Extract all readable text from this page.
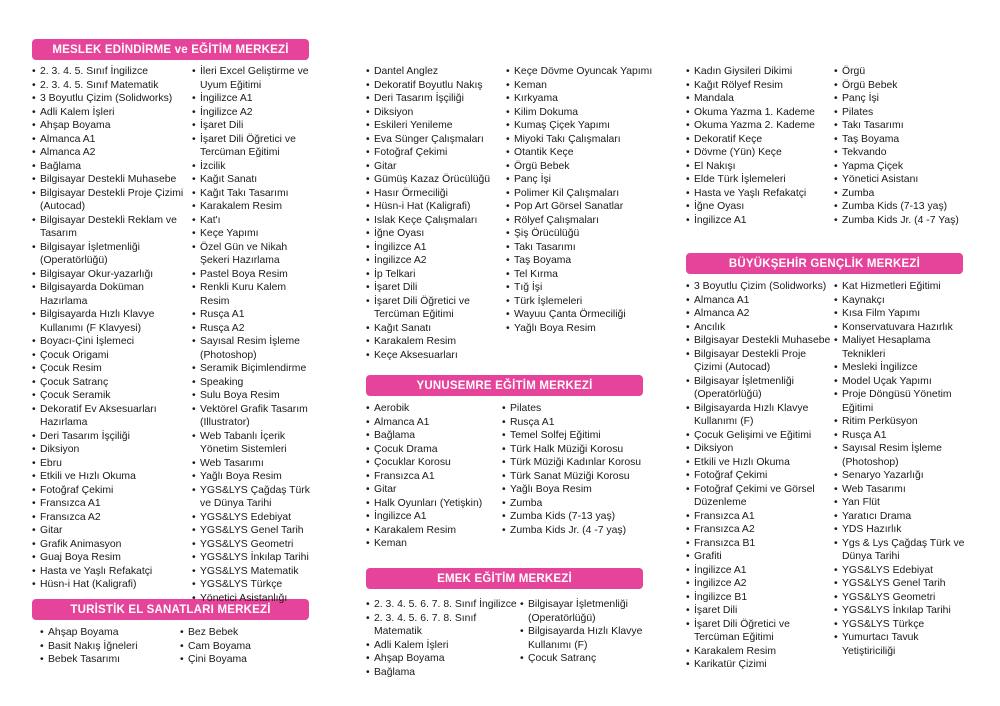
MESLEK EDİNDİRME ve EĞİTİM MERKEZİ
TURİSTİK EL SANATLARI MERKEZİ
YUNUSEMRE EĞİTİM MERKEZİ
EMEK EĞİTİM MERKEZİ
BÜYÜKŞEHİR GENÇLİK MERKEZİ
• 2. 3. 4. 5. Sınıf İngilizce
• 2. 3. 4. 5. Sınıf Matematik
• 3 Boyutlu Çizim (Solidworks)
• Adli Kalem İşleri
• Ahşap Boyama
• Almanca A1
• Almanca A2
• Bağlama
• Bilgisayar Destekli Muhasebe
• Bilgisayar Destekli Proje Çizimi (Autocad)
• Bilgisayar Destekli Reklam ve Tasarım
• Bilgisayar İşletmenliği (Operatörlüğü)
• Bilgisayar Okur-yazarlığı
• Bilgisayarda Doküman Hazırlama
• Bilgisayarda Hızlı Klavye Kullanımı (F Klavyesi)
• Boyacı-Çini İşlemeci
• Çocuk Origami
• Çocuk Resim
• Çocuk Satranç
• Çocuk Seramik
• Dekoratif Ev Aksesuarları Hazırlama
• Deri Tasarım İşçiliği
• Diksiyon
• Ebru
• Etkili ve Hızlı Okuma
• Fotoğraf Çekimi
• Fransızca A1
• Fransızca A2
• Gitar
• Grafik Animasyon
• Guaj Boya Resim
• Hasta ve Yaşlı Refakatçi
• Hüsn-i Hat (Kaligrafi)
• İleri Excel Geliştirme ve Uyum Eğitimi
• İngilizce A1
• İngilizce A2
• İşaret Dili
• İşaret Dili Öğretici ve Tercüman Eğitimi
• İzcilik
• Kağıt Sanatı
• Kağıt Takı Tasarımı
• Karakalem Resim
• Kat'ı
• Keçe Yapımı
• Özel Gün ve Nikah Şekeri Hazırlama
• Pastel Boya Resim
• Renkli Kuru Kalem Resim
• Rusça A1
• Rusça A2
• Sayısal Resim İşleme (Photoshop)
• Seramik Biçimlendirme
• Speaking
• Sulu Boya Resim
• Vektörel Grafik Tasarım (Illustrator)
• Web Tabanlı İçerik Yönetim Sistemleri
• Web Tasarımı
• Yağlı Boya Resim
• YGS&LYS Çağdaş Türk ve Dünya Tarihi
• YGS&LYS Edebiyat
• YGS&LYS Genel Tarih
• YGS&LYS Geometri
• YGS&LYS İnkılap Tarihi
• YGS&LYS Matematik
• YGS&LYS Türkçe
• Yönetici Asistanlığı
• Dantel Anglez
• Dekoratif Boyutlu Nakış
• Deri Tasarım İşçiliği
• Diksiyon
• Eskileri Yenileme
• Eva Sünger Çalışmaları
• Fotoğraf Çekimi
• Gitar
• Gümüş Kazaz Örücülüğü
• Hasır Örmeciliği
• Hüsn-i Hat (Kaligrafi)
• Islak Keçe Çalışmaları
• İğne Oyası
• İngilizce A1
• İngilizce A2
• İp Telkari
• İşaret Dili
• İşaret Dili Öğretici ve Tercüman Eğitimi
• Kağıt Sanatı
• Karakalem Resim
• Keçe Aksesuarları
• Keçe Dövme Oyuncak Yapımı
• Keman
• Kırkyama
• Kilim Dokuma
• Kumaş Çiçek Yapımı
• Miyoki Takı Çalışmaları
• Otantik Keçe
• Örgü Bebek
• Panç İşi
• Polimer Kil Çalışmaları
• Pop Art Görsel Sanatlar
• Rölyef Çalışmaları
• Şiş Örücülüğü
• Takı Tasarımı
• Taş Boyama
• Tel Kırma
• Tığ İşi
• Türk İşlemeleri
• Wayuu Çanta Örmeciliği
• Yağlı Boya Resim
• Kadın Giysileri Dikimi
• Kağıt Rölyef Resim
• Mandala
• Okuma Yazma 1. Kademe
• Okuma Yazma 2. Kademe
• Dekoratif Keçe
• Dövme (Yün) Keçe
• El Nakışı
• Elde Türk İşlemeleri
• Hasta ve Yaşlı Refakatçi
• İğne Oyası
• İngilizce A1
• Örgü
• Örgü Bebek
• Panç İşi
• Pilates
• Takı Tasarımı
• Taş Boyama
• Tekvando
• Yapma Çiçek
• Yönetici Asistanı
• Zumba
• Zumba Kids (7-13 yaş)
• Zumba Kids Jr. (4 -7 Yaş)
• Ahşap Boyama
• Basit Nakış İğneleri
• Bebek Tasarımı
• Bez Bebek
• Cam Boyama
• Çini Boyama
• Aerobik
• Almanca A1
• Bağlama
• Çocuk Drama
• Çocuklar Korosu
• Fransızca A1
• Gitar
• Halk Oyunları (Yetişkin)
• İngilizce A1
• Karakalem Resim
• Keman
• Pilates
• Rusça A1
• Temel Solfej Eğitimi
• Türk Halk Müziği Korosu
• Türk Müziği Kadınlar Korosu
• Türk Sanat Müziği Korosu
• Yağlı Boya Resim
• Zumba
• Zumba Kids (7-13 yaş)
• Zumba Kids Jr. (4 -7 yaş)
• 2. 3. 4. 5. 6. 7. 8. Sınıf İngilizce
• 2. 3. 4. 5. 6. 7. 8. Sınıf Matematik
• Adli Kalem İşleri
• Ahşap Boyama
• Bağlama
• Bilgisayar İşletmenliği (Operatörlüğü)
• Bilgisayarda Hızlı Klavye Kullanımı (F)
• Çocuk Satranç
• 3 Boyutlu Çizim (Solidworks)
• Almanca A1
• Almanca A2
• Ancılık
• Bilgisayar Destekli Muhasebe
• Bilgisayar Destekli Proje Çizimi (Autocad)
• Bilgisayar İşletmenliği (Operatörlüğü)
• Bilgisayarda Hızlı Klavye Kullanımı (F)
• Çocuk Gelişimi ve Eğitimi
• Diksiyon
• Etkili ve Hızlı Okuma
• Fotoğraf Çekimi
• Fotoğraf Çekimi ve Görsel Düzenleme
• Fransızca A1
• Fransızca A2
• Fransızca B1
• Grafiti
• İngilizce A1
• İngilizce A2
• İngilizce B1
• İşaret Dili
• İşaret Dili Öğretici ve Tercüman Eğitimi
• Karakalem Resim
• Karikatür Çizimi
• Kat Hizmetleri Eğitimi
• Kaynakçı
• Kısa Film Yapımı
• Konservatuvara Hazırlık
• Maliyet Hesaplama Teknikleri
• Mesleki İngilizce
• Model Uçak Yapımı
• Proje Döngüsü Yönetim Eğitimi
• Ritim Perküsyon
• Rusça A1
• Sayısal Resim İşleme (Photoshop)
• Senaryo Yazarlığı
• Web Tasarımı
• Yan Flüt
• Yaratıcı Drama
• YDS Hazırlık
• Ygs & Lys Çağdaş Türk ve Dünya Tarihi
• YGS&LYS Edebiyat
• YGS&LYS Genel Tarih
• YGS&LYS Geometri
• YGS&LYS İnkılap Tarihi
• YGS&LYS Türkçe
• Yumurtacı Tavuk Yetiştiriciliği
